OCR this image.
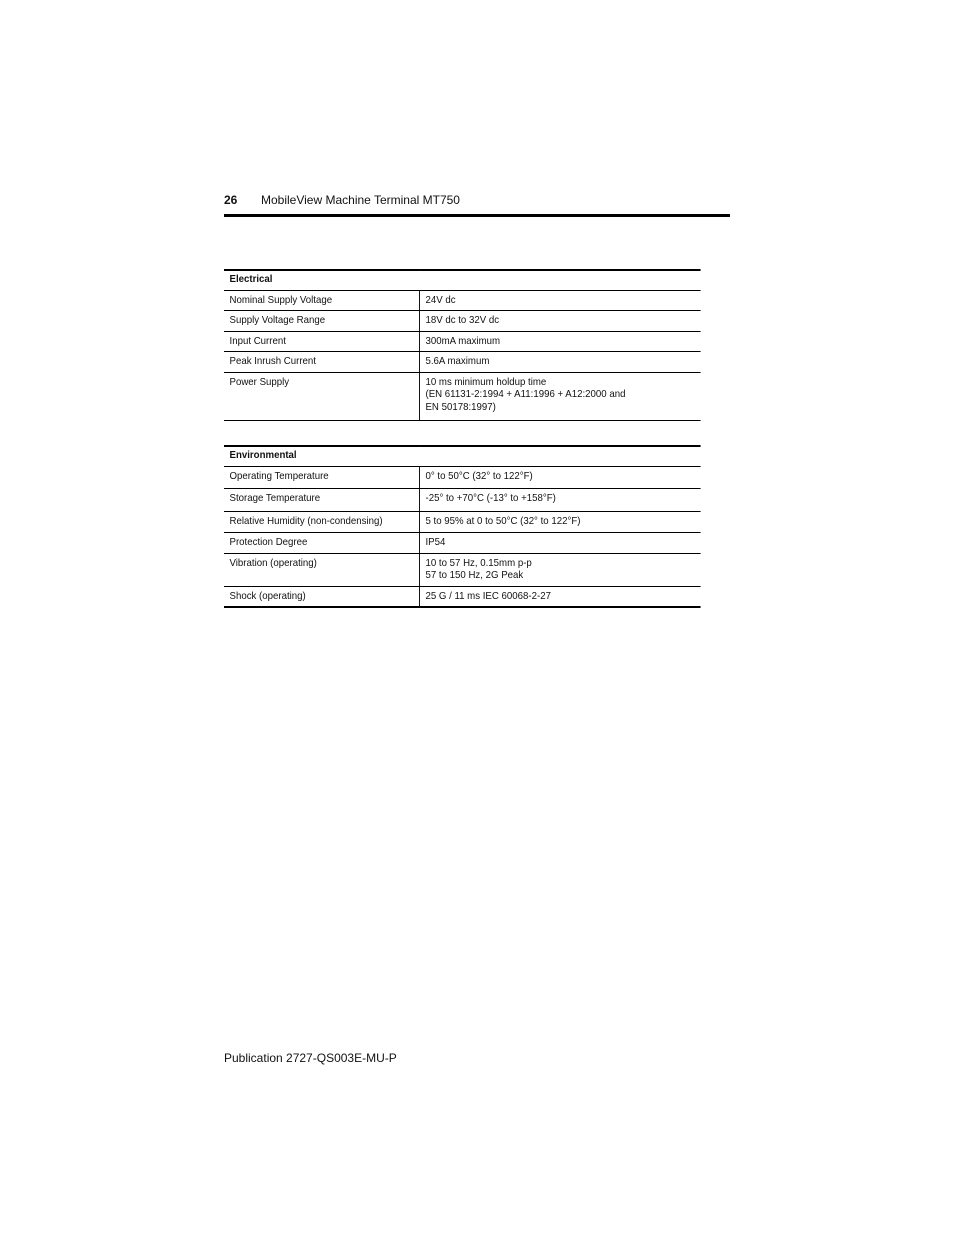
26 MobileView Machine Terminal MT750
Electrical	
Nominal Supply Voltage	24V dc

Supply Voltage Range	18V dc to 32V dc

Input Current	300mA maximum

Peak Inrush Current	5.6A maximum

Power Supply	10 ms minimum holdup time
(EN 61131-2:1994 + A11:1996 + A12:2000 and
EN 50178:1997)
Environmental	
Operating Temperature	0° to 50°C (32° to 122°F)

Storage Temperature	-25° to +70°C (-13° to +158°F)

Relative Humidity (non-condensing)	5 to 95% at 0 to 50°C (32° to 122°F)

Protection Degree	IP54

Vibration (operating)	10 to 57 Hz, 0.15mm p-p
57 to 150 Hz, 2G Peak

Shock (operating)	25 G / 11 ms IEC 60068-2-27
Publication 2727-QS003E-MU-P
